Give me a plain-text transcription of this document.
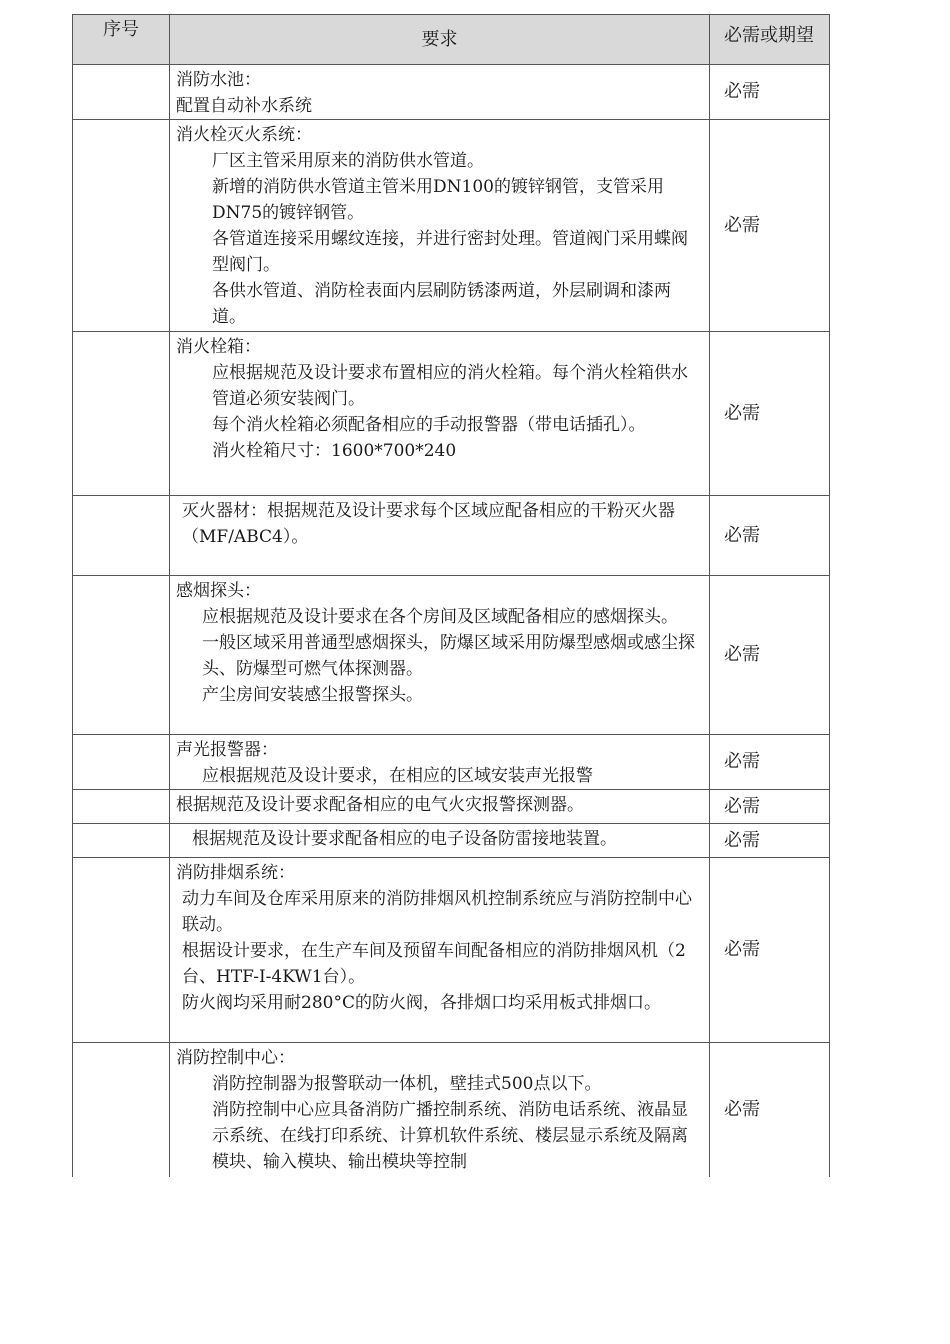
序号	要求	必需或期望

	消防水池：
配置自动补水系统	必需

	消火栓灭火系统：
厂区主管采用原来的消防供水管道。
新增的消防供水管道主管米用DN100的镀锌钢管，支管采用DN75的镀锌钢管。
各管道连接采用螺纹连接，并进行密封处理。管道阀门采用蝶阀型阀门。
各供水管道、消防栓表面内层刷防锈漆两道，外层刷调和漆两道。	必需

	消火栓箱：
应根据规范及设计要求布置相应的消火栓箱。每个消火栓箱供水管道必须安装阀门。
每个消火栓箱必须配备相应的手动报警器（带电话插孔）。
消火栓箱尺寸：1600*700*240	必需

	灭火器材：根据规范及设计要求每个区域应配备相应的干粉灭火器（MF/ABC4）。	必需

	感烟探头：
应根据规范及设计要求在各个房间及区域配备相应的感烟探头。
一般区域采用普通型感烟探头，防爆区域采用防爆型感烟或感尘探头、防爆型可燃气体探测器。
产尘房间安装感尘报警探头。	必需

	声光报警器：
应根据规范及设计要求，在相应的区域安装声光报警	必需

	根据规范及设计要求配备相应的电气火灾报警探测器。	必需

	根据规范及设计要求配备相应的电子设备防雷接地装置。	必需

	消防排烟系统：
动力车间及仓库采用原来的消防排烟风机控制系统应与消防控制中心联动。
根据设计要求，在生产车间及预留车间配备相应的消防排烟风机（2台、HTF-I-4KW1台）。
防火阀均采用耐280°C的防火阀，各排烟口均采用板式排烟口。	必需

	消防控制中心：
消防控制器为报警联动一体机，壁挂式500点以下。
消防控制中心应具备消防广播控制系统、消防电话系统、液晶显示系统、在线打印系统、计算机软件系统、楼层显示系统及隔离模块、输入模块、输出模块等控制	必需
